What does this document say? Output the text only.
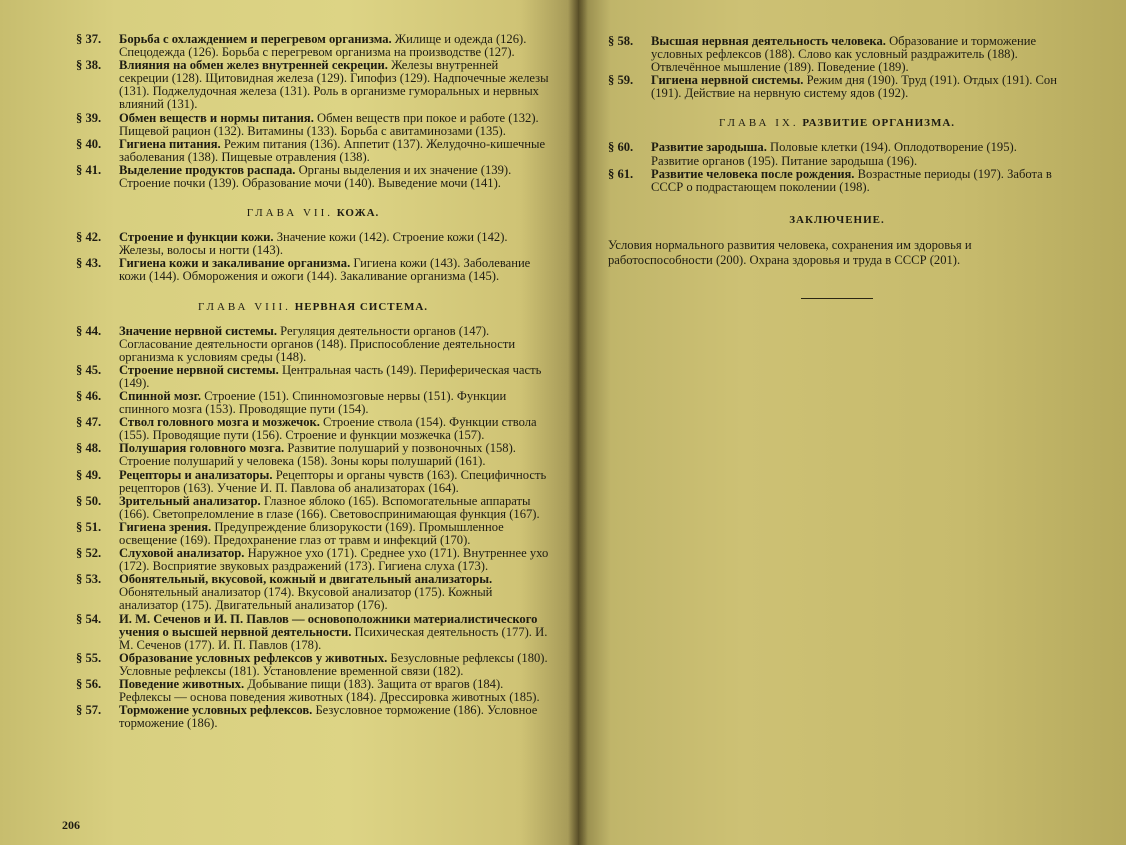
§ 37. Борьба с охлаждением и перегревом организма. Жилище и одежда (126). Спецодежда (126). Борьба с перегревом организма на производстве (127).
§ 38. Влияния на обмен желез внутренней секреции. Железы внутренней секреции (128). Щитовидная железа (129). Гипофиз (129). Надпочечные железы (131). Поджелудочная железа (131). Роль в организме гуморальных и нервных влияний (131).
§ 39. Обмен веществ и нормы питания. Обмен веществ при покое и работе (132). Пищевой рацион (132). Витамины (133). Борьба с авитаминозами (135).
§ 40. Гигиена питания. Режим питания (136). Аппетит (137). Желудочно-кишечные заболевания (138). Пищевые отравления (138).
§ 41. Выделение продуктов распада. Органы выделения и их значение (139). Строение почки (139). Образование мочи (140). Выведение мочи (141).
ГЛАВА VII. КОЖА.
§ 42. Строение и функции кожи. Значение кожи (142). Строение кожи (142). Железы, волосы и ногти (143).
§ 43. Гигиена кожи и закаливание организма. Гигиена кожи (143). Заболевание кожи (144). Обморожения и ожоги (144). Закаливание организма (145).
ГЛАВА VIII. НЕРВНАЯ СИСТЕМА.
§ 44. Значение нервной системы. Регуляция деятельности органов (147). Согласование деятельности органов (148). Приспособление деятельности организма к условиям среды (148).
§ 45. Строение нервной системы. Центральная часть (149). Периферическая часть (149).
§ 46. Спинной мозг. Строение (151). Спинномозговые нервы (151). Функции спинного мозга (153). Проводящие пути (154).
§ 47. Ствол головного мозга и мозжечок. Строение ствола (154). Функции ствола (155). Проводящие пути (156). Строение и функции мозжечка (157).
§ 48. Полушария головного мозга. Развитие полушарий у позвоночных (158). Строение полушарий у человека (158). Зоны коры полушарий (161).
§ 49. Рецепторы и анализаторы. Рецепторы и органы чувств (163). Специфичность рецепторов (163). Учение И. П. Павлова об анализаторах (164).
§ 50. Зрительный анализатор. Глазное яблоко (165). Вспомогательные аппараты (166). Светопреломление в глазе (166). Световоспринимающая функция (167).
§ 51. Гигиена зрения. Предупреждение близорукости (169). Промышленное освещение (169). Предохранение глаз от травм и инфекций (170).
§ 52. Слуховой анализатор. Наружное ухо (171). Среднее ухо (171). Внутреннее ухо (172). Восприятие звуковых раздражений (173). Гигиена слуха (173).
§ 53. Обонятельный, вкусовой, кожный и двигательный анализаторы. Обонятельный анализатор (174). Вкусовой анализатор (175). Кожный анализатор (175). Двигательный анализатор (176).
§ 54. И. М. Сеченов и И. П. Павлов — основоположники материалистического учения о высшей нервной деятельности. Психическая деятельность (177). И. М. Сеченов (177). И. П. Павлов (178).
§ 55. Образование условных рефлексов у животных. Безусловные рефлексы (180). Условные рефлексы (181). Установление временной связи (182).
§ 56. Поведение животных. Добывание пищи (183). Защита от врагов (184). Рефлексы — основа поведения животных (184). Дрессировка животных (185).
§ 57. Торможение условных рефлексов. Безусловное торможение (186). Условное торможение (186).
206
§ 58. Высшая нервная деятельность человека. Образование и торможение условных рефлексов (188). Слово как условный раздражитель (188). Отвлечённое мышление (189). Поведение (189).
§ 59. Гигиена нервной системы. Режим дня (190). Труд (191). Отдых (191). Сон (191). Действие на нервную систему ядов (192).
ГЛАВА IX. РАЗВИТИЕ ОРГАНИЗМА.
§ 60. Развитие зародыша. Половые клетки (194). Оплодотворение (195). Развитие органов (195). Питание зародыша (196).
§ 61. Развитие человека после рождения. Возрастные периоды (197). Забота в СССР о подрастающем поколении (198).
ЗАКЛЮЧЕНИЕ.
Условия нормального развития человека, сохранения им здоровья и работоспособности (200). Охрана здоровья и труда в СССР (201).
